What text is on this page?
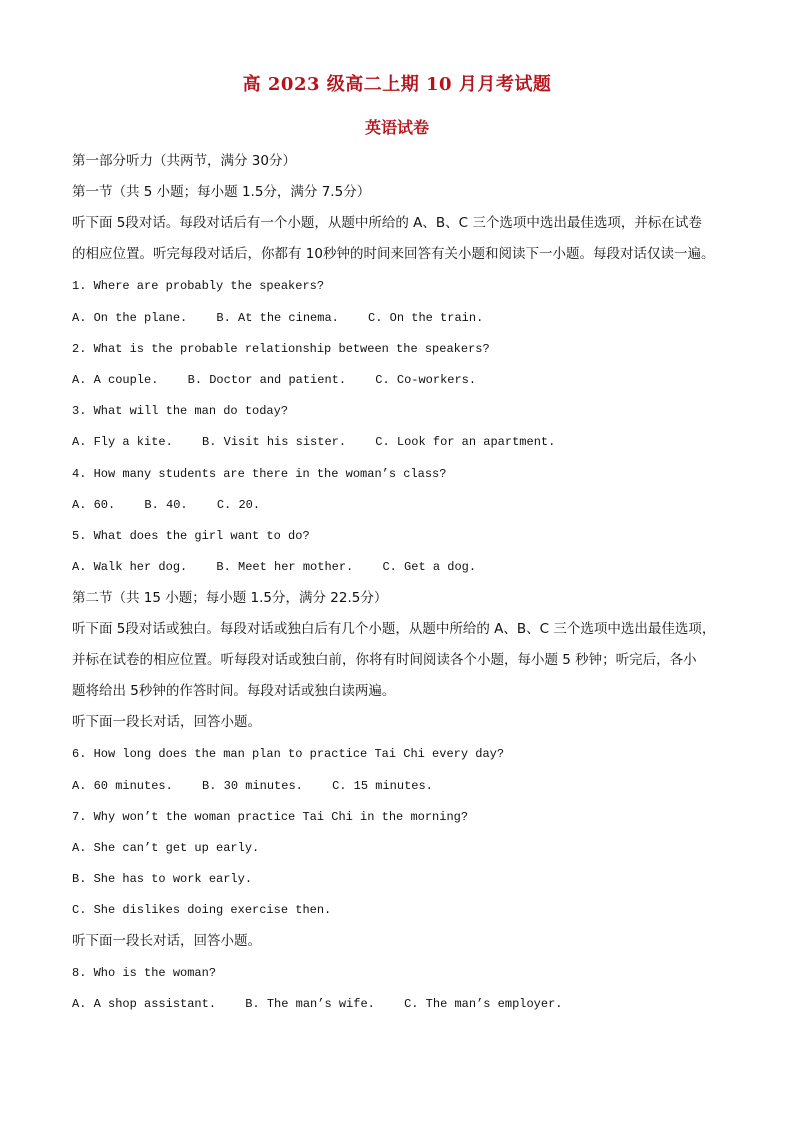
高 2023 级高二上期 10 月月考试题
英语试卷
第一部分听力（共两节，满分 30分）
第一节（共 5 小题；每小题 1.5分，满分 7.5分）
听下面 5段对话。每段对话后有一个小题，从题中所给的 A、B、C 三个选项中选出最佳选项，并标在试卷
的相应位置。听完每段对话后，你都有 10秒钟的时间来回答有关小题和阅读下一小题。每段对话仅读一遍。
1. Where are probably the speakers?
A. On the plane. B. At the cinema. C. On the train.
2. What is the probable relationship between the speakers?
A. A couple. B. Doctor and patient. C. Co-workers.
3. What will the man do today?
A. Fly a kite. B. Visit his sister. C. Look for an apartment.
4. How many students are there in the woman’s class?
A. 60. B. 40. C. 20.
5. What does the girl want to do?
A. Walk her dog. B. Meet her mother. C. Get a dog.
第二节（共 15 小题；每小题 1.5分，满分 22.5分）
听下面 5段对话或独白。每段对话或独白后有几个小题，从题中所给的 A、B、C 三个选项中选出最佳选项，
并标在试卷的相应位置。听每段对话或独白前，你将有时间阅读各个小题，每小题 5 秒钟；听完后，各小
题将给出 5秒钟的作答时间。每段对话或独白读两遍。
听下面一段长对话，回答小题。
6. How long does the man plan to practice Tai Chi every day?
A. 60 minutes. B. 30 minutes. C. 15 minutes.
7. Why won’t the woman practice Tai Chi in the morning?
A. She can’t get up early.
B. She has to work early.
C. She dislikes doing exercise then.
听下面一段长对话，回答小题。
8. Who is the woman?
A. A shop assistant. B. The man’s wife. C. The man’s employer.
